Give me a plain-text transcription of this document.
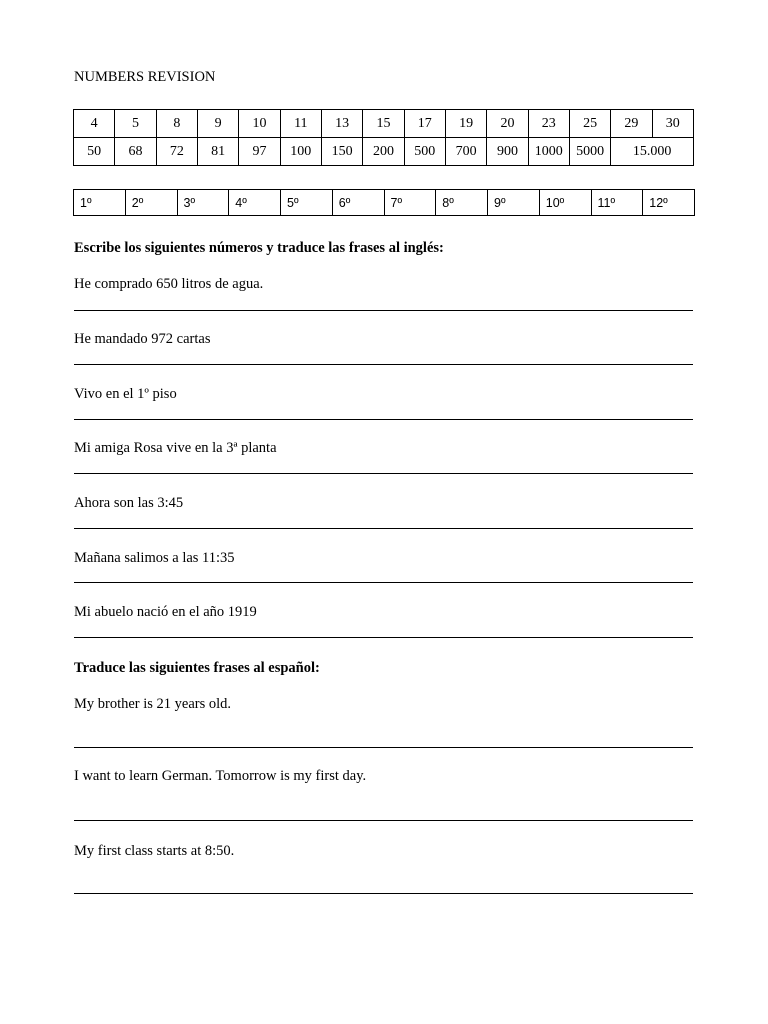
NUMBERS REVISION
4	5	8	9	10	11	13	15	17	19	20	23	25	29	30
50	68	72	81	97	100	150	200	500	700	900	1000	5000	15.000	
1º	2º	3º	4º	5º	6º	7º	8º	9º	10º	11º	12º
Escribe los siguientes números y traduce las frases al inglés:
He comprado 650 litros de agua.
He mandado 972 cartas
Vivo en el 1º piso
Mi amiga Rosa vive en la 3ª planta
Ahora son las 3:45
Mañana salimos a las 11:35
Mi abuelo nació en el año 1919
Traduce las siguientes frases al español:
My brother is 21 years old.
I want to learn German. Tomorrow is my first day.
My first class starts at 8:50.
